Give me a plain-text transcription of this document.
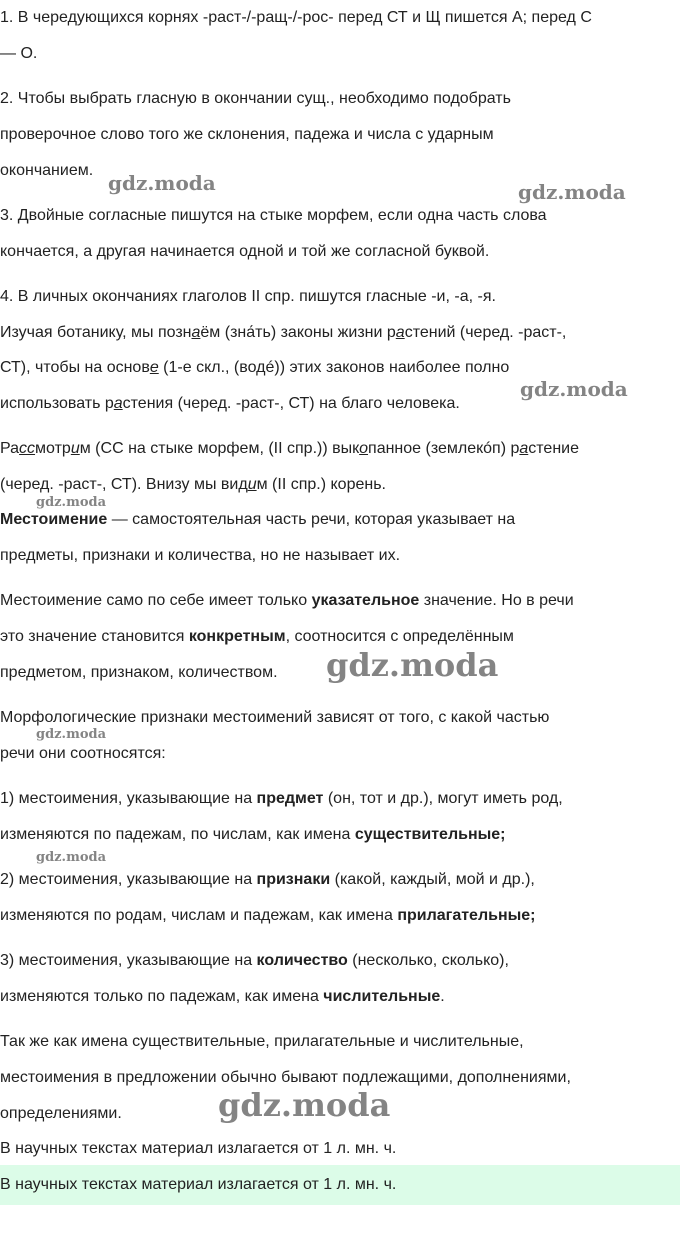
1. В чередующихся корнях -раст-/-ращ-/-рос- перед СТ и Щ пишется А; перед С
— О.
2. Чтобы выбрать гласную в окончании сущ., необходимо подобрать
проверочное слово того же склонения, падежа и числа с ударным
окончанием.
3. Двойные согласные пишутся на стыке морфем, если одна часть слова
кончается, а другая начинается одной и той же согласной буквой.
4. В личных окончаниях глаголов II спр. пишутся гласные -и, -а, -я.
Изучая ботанику, мы познаём (зна́ть) законы жизни растений (черед. -раст-,
СТ), чтобы на основе (1-е скл., (водé)) этих законов наиболее полно
использовать растения (черед. -раст-, СТ) на благо человека.
Рассмотрим (СС на стыке морфем, (II спр.)) выкопанное (землекóп) растение
(черед. -раст-, СТ). Внизу мы видим (II спр.) корень.
Местоимение — самостоятельная часть речи, которая указывает на
предметы, признаки и количества, но не называет их.
Местоимение само по себе имеет только указательное значение. Но в речи
это значение становится конкретным, соотносится с определённым
предметом, признаком, количеством.
Морфологические признаки местоимений зависят от того, с какой частью
речи они соотносятся:
1) местоимения, указывающие на предмет (он, тот и др.), могут иметь род,
изменяются по падежам, по числам, как имена существительные;
2) местоимения, указывающие на признаки (какой, каждый, мой и др.),
изменяются по родам, числам и падежам, как имена прилагательные;
3) местоимения, указывающие на количество (несколько, сколько),
изменяются только по падежам, как имена числительные.
Так же как имена существительные, прилагательные и числительные,
местоимения в предложении обычно бывают подлежащими, дополнениями,
определениями.
В научных текстах материал излагается от 1 л. мн. ч.
В научных текстах материал излагается от 1 л. мн. ч.
gdz.moda	gdz.moda
gdz.moda
gdz.moda
gdz.moda
gdz.moda
gdz.moda
gdz.moda
